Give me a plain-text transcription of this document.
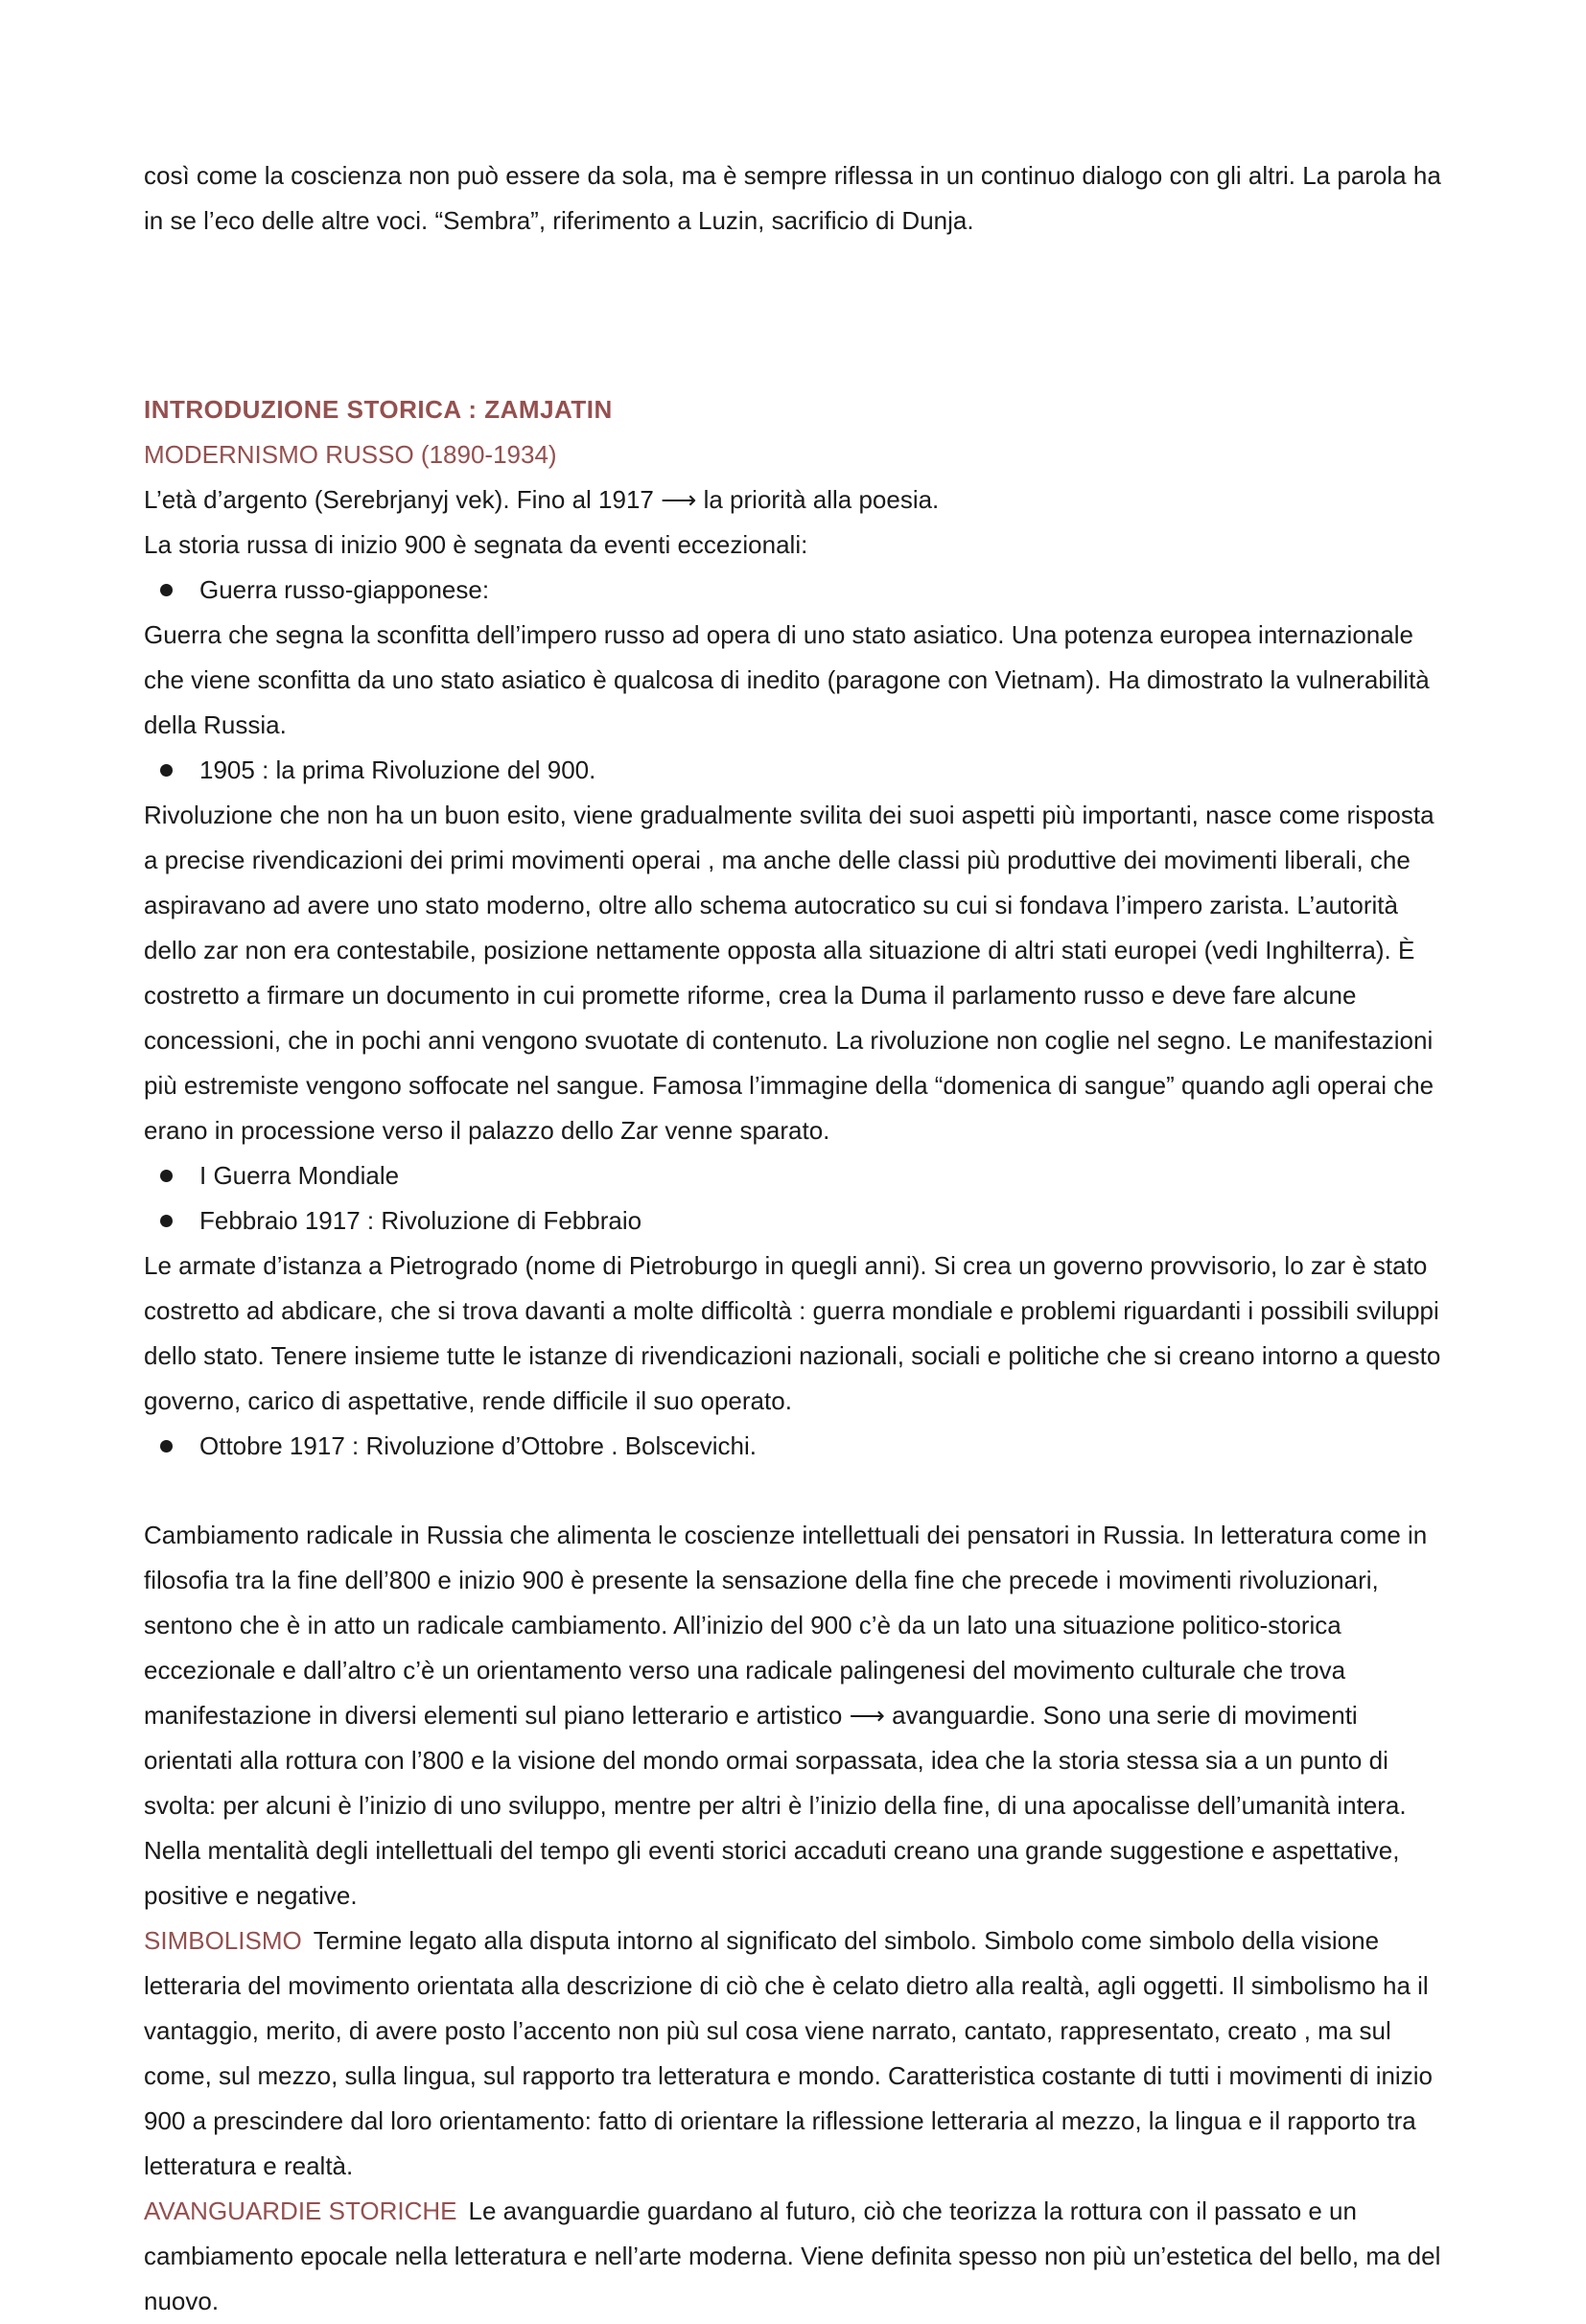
così come la coscienza non può essere da sola, ma è sempre riflessa in un continuo dialogo con gli altri. La parola ha in se l’eco delle altre voci. “Sembra”, riferimento a Luzin, sacrificio di Dunja.

INTRODUZIONE STORICA : ZAMJATIN

MODERNISMO RUSSO (1890-1934)

L’età d’argento (Serebrjanyj vek). Fino al 1917 ⟶ la priorità alla poesia.

La storia russa di inizio 900 è segnata da eventi eccezionali:

Guerra russo-giapponese:

Guerra che segna la sconfitta dell’impero russo ad opera di uno stato asiatico. Una potenza europea internazionale che viene sconfitta da uno stato asiatico è qualcosa di inedito (paragone con Vietnam). Ha dimostrato la vulnerabilità della Russia.

1905 : la prima Rivoluzione del 900.

Rivoluzione che non ha un buon esito, viene gradualmente svilita dei suoi aspetti più importanti, nasce come risposta a precise rivendicazioni dei primi movimenti operai , ma anche delle classi più produttive dei movimenti liberali, che aspiravano ad avere uno stato moderno, oltre allo schema autocratico su cui si fondava l’impero zarista. L’autorità dello zar non era contestabile, posizione nettamente opposta alla situazione di altri stati europei (vedi Inghilterra). È costretto a firmare un documento in cui promette riforme, crea la Duma il parlamento russo e deve fare alcune concessioni, che in pochi anni vengono svuotate di contenuto. La rivoluzione non coglie nel segno. Le manifestazioni più estremiste vengono soffocate nel sangue. Famosa l’immagine della “domenica di sangue” quando agli operai che erano in processione verso il palazzo dello Zar venne sparato.

I Guerra Mondiale

Febbraio 1917 : Rivoluzione di Febbraio

Le armate d’istanza a Pietrogrado (nome di Pietroburgo in quegli anni). Si crea un governo provvisorio, lo zar è stato costretto ad abdicare, che si trova davanti a molte difficoltà : guerra mondiale e problemi riguardanti i possibili sviluppi dello stato. Tenere insieme tutte le istanze di rivendicazioni nazionali, sociali e politiche che si creano intorno a questo governo, carico di aspettative, rende difficile il suo operato.

Ottobre 1917 : Rivoluzione d’Ottobre . Bolscevichi.

Cambiamento radicale in Russia che alimenta le coscienze intellettuali dei pensatori in Russia. In letteratura come in filosofia tra la fine dell’800 e inizio 900 è presente la sensazione della fine che precede i movimenti rivoluzionari, sentono che è in atto un radicale cambiamento. All’inizio del 900 c’è da un lato una situazione politico-storica eccezionale e dall’altro c’è un orientamento verso una radicale palingenesi del movimento culturale che trova manifestazione in diversi elementi sul piano letterario e artistico ⟶ avanguardie. Sono una serie di movimenti orientati alla rottura con l’800 e la visione del mondo ormai sorpassata, idea che la storia stessa sia a un punto di svolta: per alcuni è l’inizio di uno sviluppo, mentre per altri è l’inizio della fine, di una apocalisse dell’umanità intera. Nella mentalità degli intellettuali del tempo gli eventi storici accaduti creano una grande suggestione e aspettative, positive e negative.

SIMBOLISMO Termine legato alla disputa intorno al significato del simbolo. Simbolo come simbolo della visione letteraria del movimento orientata alla descrizione di ciò che è celato dietro alla realtà, agli oggetti. Il simbolismo ha il vantaggio, merito, di avere posto l’accento non più sul cosa viene narrato, cantato, rappresentato, creato , ma sul come, sul mezzo, sulla lingua, sul rapporto tra letteratura e mondo. Caratteristica costante di tutti i movimenti di inizio 900 a prescindere dal loro orientamento: fatto di orientare la riflessione letteraria al mezzo, la lingua e il rapporto tra letteratura e realtà.

AVANGUARDIE STORICHE Le avanguardie guardano al futuro, ciò che teorizza la rottura con il passato e un cambiamento epocale nella letteratura e nell’arte moderna. Viene definita spesso non più un’estetica del bello, ma del nuovo.
